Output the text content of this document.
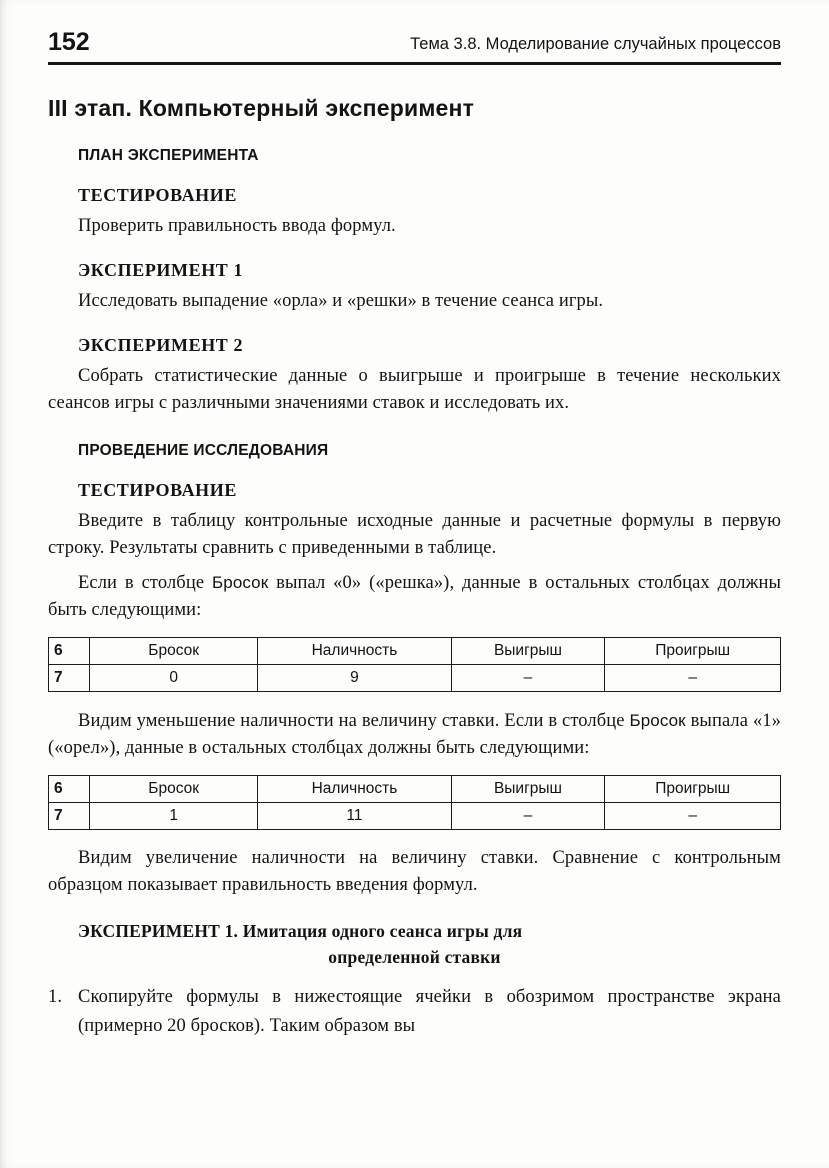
152	Тема 3.8. Моделирование случайных процессов
III этап. Компьютерный эксперимент
ПЛАН ЭКСПЕРИМЕНТА
ТЕСТИРОВАНИЕ

Проверить правильность ввода формул.

ЭКСПЕРИМЕНТ 1

Исследовать выпадение «орла» и «решки» в течение сеанса игры.

ЭКСПЕРИМЕНТ 2

Собрать статистические данные о выигрыше и проигрыше в течение нескольких сеансов игры с различными значениями ставок и исследовать их.

ПРОВЕДЕНИЕ ИССЛЕДОВАНИЯ
ТЕСТИРОВАНИЕ

Введите в таблицу контрольные исходные данные и расчетные формулы в первую строку. Результаты сравнить с приведенными в таблице.

Если в столбце Бросок выпал «0» («решка»), данные в остальных столбцах должны быть следующими:

6	Бросок	Наличность	Выигрыш	Проигрыш
7	0	9	–	–

Видим уменьшение наличности на величину ставки. Если в столбце Бросок выпала «1» («орел»), данные в остальных столбцах должны быть следующими:

6	Бросок	Наличность	Выигрыш	Проигрыш
7	1	11	–	–

Видим увеличение наличности на величину ставки. Сравнение с контрольным образцом показывает правильность введения формул.

ЭКСПЕРИМЕНТ 1. Имитация одного сеанса игры для
определенной ставки
1. Скопируйте формулы в нижестоящие ячейки в обозримом пространстве экрана (примерно 20 бросков). Таким образом вы
